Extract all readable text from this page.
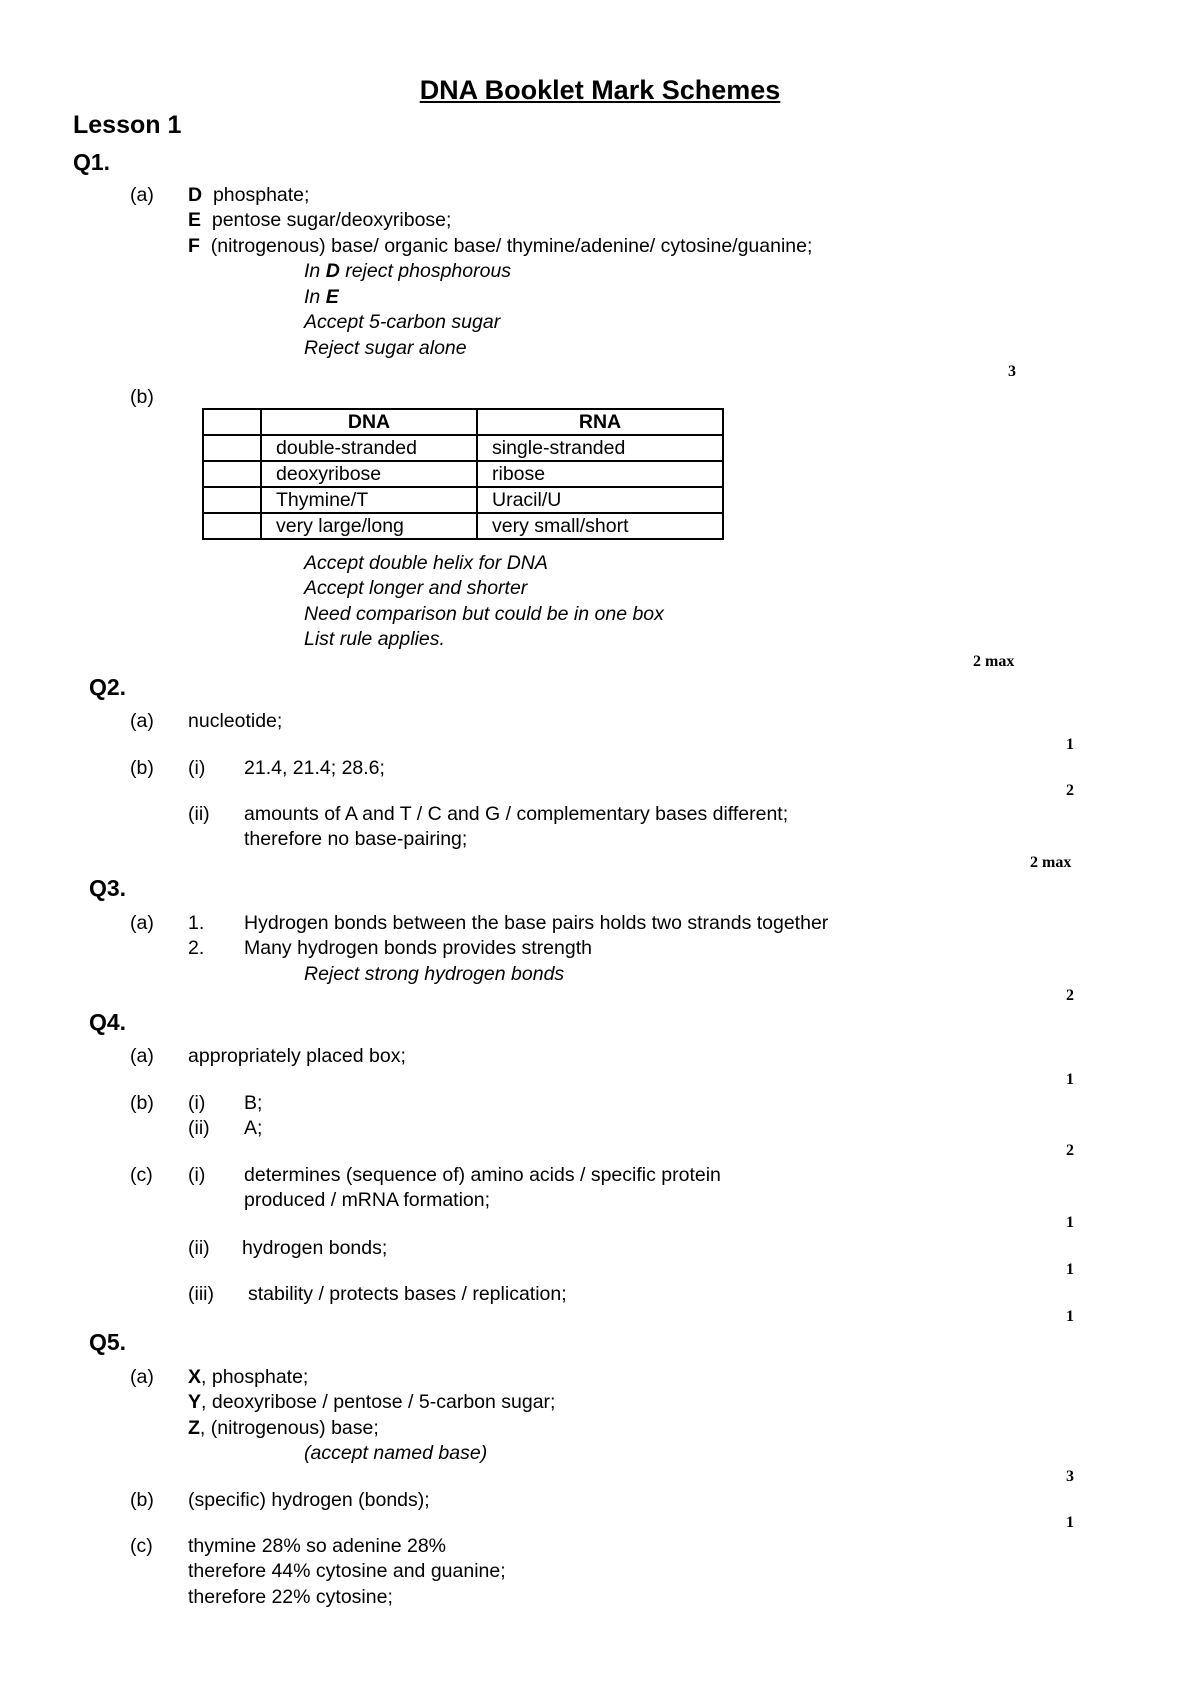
DNA Booklet Mark Schemes
Lesson 1
Q1.
(a) D phosphate;
E pentose sugar/deoxyribose;
F (nitrogenous) base/ organic base/ thymine/adenine/ cytosine/guanine;
In D reject phosphorous
In E
Accept 5-carbon sugar
Reject sugar alone
3
(b)
	DNA	RNA
	double-stranded	single-stranded
	deoxyribose	ribose
	Thymine/T	Uracil/U
	very large/long	very small/short
Accept double helix for DNA
Accept longer and shorter
Need comparison but could be in one box
List rule applies.
2 max
Q2.
(a) nucleotide;
1
(b) (i) 21.4, 21.4; 28.6;
2
(ii) amounts of A and T / C and G / complementary bases different;
therefore no base-pairing;
2 max
Q3.
(a) 1. Hydrogen bonds between the base pairs holds two strands together
2. Many hydrogen bonds provides strength
Reject strong hydrogen bonds
2
Q4.
(a) appropriately placed box;
1
(b) (i) B;
(ii) A;
2
(c) (i) determines (sequence of) amino acids / specific protein
produced / mRNA formation;
1
(ii) hydrogen bonds;
1
(iii) stability / protects bases / replication;
1
Q5.
(a) X, phosphate;
Y, deoxyribose / pentose / 5-carbon sugar;
Z, (nitrogenous) base;
(accept named base)
3
(b) (specific) hydrogen (bonds);
1
(c) thymine 28% so adenine 28%
therefore 44% cytosine and guanine;
therefore 22% cytosine;
